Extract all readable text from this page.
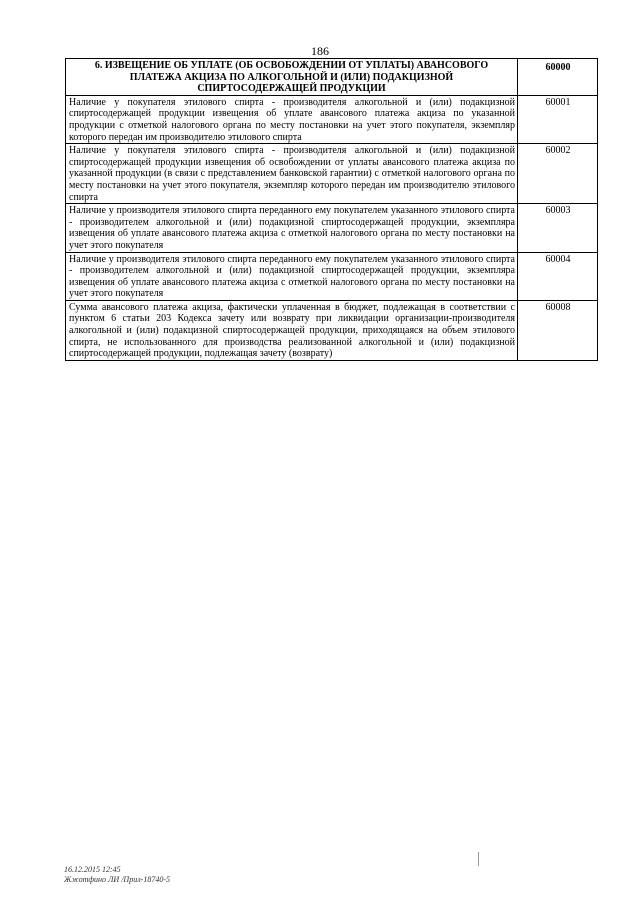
186
6. ИЗВЕЩЕНИЕ ОБ УПЛАТЕ (ОБ ОСВОБОЖДЕНИИ ОТ УПЛАТЫ) АВАНСОВОГО ПЛАТЕЖА АКЦИЗА ПО АЛКОГОЛЬНОЙ И (ИЛИ) ПОДАКЦИЗНОЙ СПИРТОСОДЕРЖАЩЕЙ ПРОДУКЦИИ	60000
Наличие у покупателя этилового спирта - производителя алкогольной и (или) подакцизной спиртосодержащей продукции извещения об уплате авансового платежа акциза по указанной продукции с отметкой налогового органа по месту постановки на учет этого покупателя, экземпляр которого передан им производителю этилового спирта	60001
Наличие у покупателя этилового спирта - производителя алкогольной и (или) подакцизной спиртосодержащей продукции извещения об освобождении от уплаты авансового платежа акциза по указанной продукции (в связи с представлением банковской гарантии) с отметкой налогового органа по месту постановки на учет этого покупателя, экземпляр которого передан им производителю этилового спирта	60002
Наличие у производителя этилового спирта переданного ему покупателем указанного этилового спирта - производителем алкогольной и (или) подакцизной спиртосодержащей продукции, экземпляра извещения об уплате авансового платежа акциза с отметкой налогового органа по месту постановки на учет этого покупателя	60003
Наличие у производителя этилового спирта переданного ему покупателем указанного этилового спирта - производителем алкогольной и (или) подакцизной спиртосодержащей продукции, экземпляра извещения об уплате авансового платежа акциза с отметкой налогового органа по месту постановки на учет этого покупателя	60004
Сумма авансового платежа акциза, фактически уплаченная в бюджет, подлежащая в соответствии с пунктом 6 статьи 203 Кодекса зачету или возврату при ликвидации организации-производителя алкогольной и (или) подакцизной спиртосодержащей продукции, приходящаяся на объем этилового спирта, не использованного для производства реализованной алкогольной и (или) подакцизной спиртосодержащей продукции, подлежащая зачету (возврату)	60008
16.12.2015 12:45
Жжотфино ЛИ /Прил-18740-5
